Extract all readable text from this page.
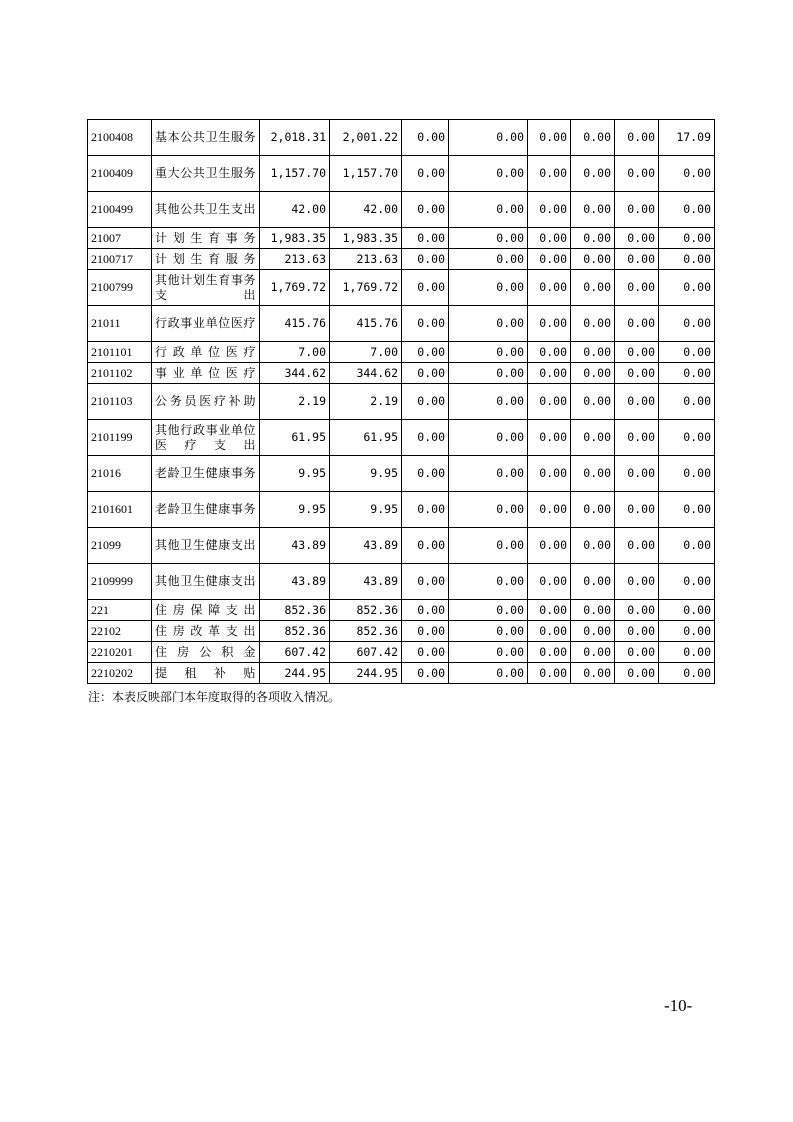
2100408	基本公共卫生服务	2,018.31	2,001.22	0.00	0.00	0.00	0.00	0.00	17.09
2100409	重大公共卫生服务	1,157.70	1,157.70	0.00	0.00	0.00	0.00	0.00	0.00
2100499	其他公共卫生支出	42.00	42.00	0.00	0.00	0.00	0.00	0.00	0.00
21007	计划生育事务	1,983.35	1,983.35	0.00	0.00	0.00	0.00	0.00	0.00
2100717	计划生育服务	213.63	213.63	0.00	0.00	0.00	0.00	0.00	0.00
2100799	其他计划生育事务支出	1,769.72	1,769.72	0.00	0.00	0.00	0.00	0.00	0.00
21011	行政事业单位医疗	415.76	415.76	0.00	0.00	0.00	0.00	0.00	0.00
2101101	行政单位医疗	7.00	7.00	0.00	0.00	0.00	0.00	0.00	0.00
2101102	事业单位医疗	344.62	344.62	0.00	0.00	0.00	0.00	0.00	0.00
2101103	公务员医疗补助	2.19	2.19	0.00	0.00	0.00	0.00	0.00	0.00
2101199	其他行政事业单位医疗支出	61.95	61.95	0.00	0.00	0.00	0.00	0.00	0.00
21016	老龄卫生健康事务	9.95	9.95	0.00	0.00	0.00	0.00	0.00	0.00
2101601	老龄卫生健康事务	9.95	9.95	0.00	0.00	0.00	0.00	0.00	0.00
21099	其他卫生健康支出	43.89	43.89	0.00	0.00	0.00	0.00	0.00	0.00
2109999	其他卫生健康支出	43.89	43.89	0.00	0.00	0.00	0.00	0.00	0.00
221	住房保障支出	852.36	852.36	0.00	0.00	0.00	0.00	0.00	0.00
22102	住房改革支出	852.36	852.36	0.00	0.00	0.00	0.00	0.00	0.00
2210201	住房公积金	607.42	607.42	0.00	0.00	0.00	0.00	0.00	0.00
2210202	提租补贴	244.95	244.95	0.00	0.00	0.00	0.00	0.00	0.00
注：本表反映部门本年度取得的各项收入情况。
-10-
